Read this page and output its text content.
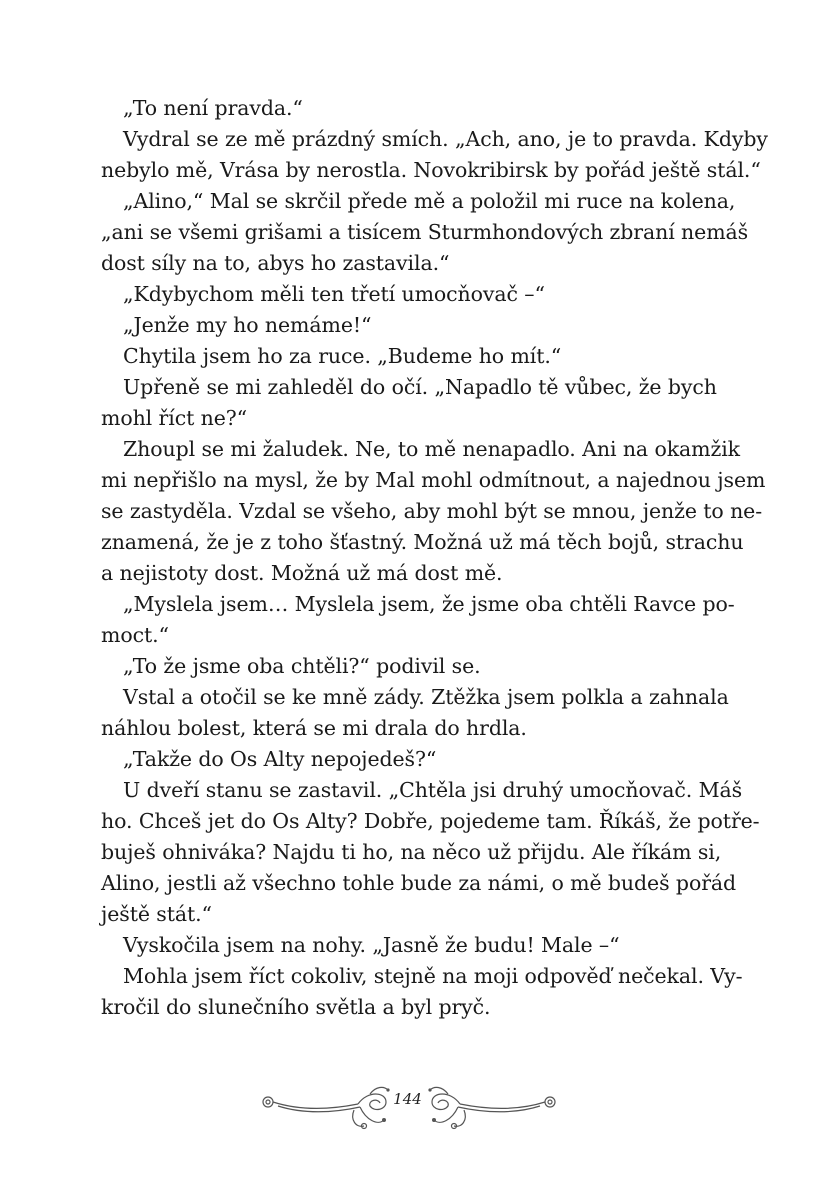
„To není pravda.“
Vydral se ze mě prázdný smích. „Ach, ano, je to pravda. Kdyby
nebylo mě, Vrása by nerostla. Novokribirsk by pořád ještě stál.“
„Alino,“ Mal se skrčil přede mě a položil mi ruce na kolena,
„ani se všemi grišami a tisícem Sturmhondových zbraní nemáš
dost síly na to, abys ho zastavila.“
„Kdybychom měli ten třetí umocňovač –“
„Jenže my ho nemáme!“
Chytila jsem ho za ruce. „Budeme ho mít.“
Upřeně se mi zahleděl do očí. „Napadlo tě vůbec, že bych
mohl říct ne?“
Zhoupl se mi žaludek. Ne, to mě nenapadlo. Ani na okamžik
mi nepřišlo na mysl, že by Mal mohl odmítnout, a najednou jsem
se zastyděla. Vzdal se všeho, aby mohl být se mnou, jenže to ne-
znamená, že je z toho šťastný. Možná už má těch bojů, strachu
a nejistoty dost. Možná už má dost mě.
„Myslela jsem… Myslela jsem, že jsme oba chtěli Ravce po-
moct.“
„To že jsme oba chtěli?“ podivil se.
Vstal a otočil se ke mně zády. Ztěžka jsem polkla a zahnala
náhlou bolest, která se mi drala do hrdla.
„Takže do Os Alty nepojedeš?“
U dveří stanu se zastavil. „Chtěla jsi druhý umocňovač. Máš
ho. Chceš jet do Os Alty? Dobře, pojedeme tam. Říkáš, že potře-
buješ ohniváka? Najdu ti ho, na něco už přijdu. Ale říkám si,
Alino, jestli až všechno tohle bude za námi, o mě budeš pořád
ještě stát.“
Vyskočila jsem na nohy. „Jasně že budu! Male –“
Mohla jsem říct cokoliv, stejně na moji odpověď nečekal. Vy-
kročil do slunečního světla a byl pryč.
144
